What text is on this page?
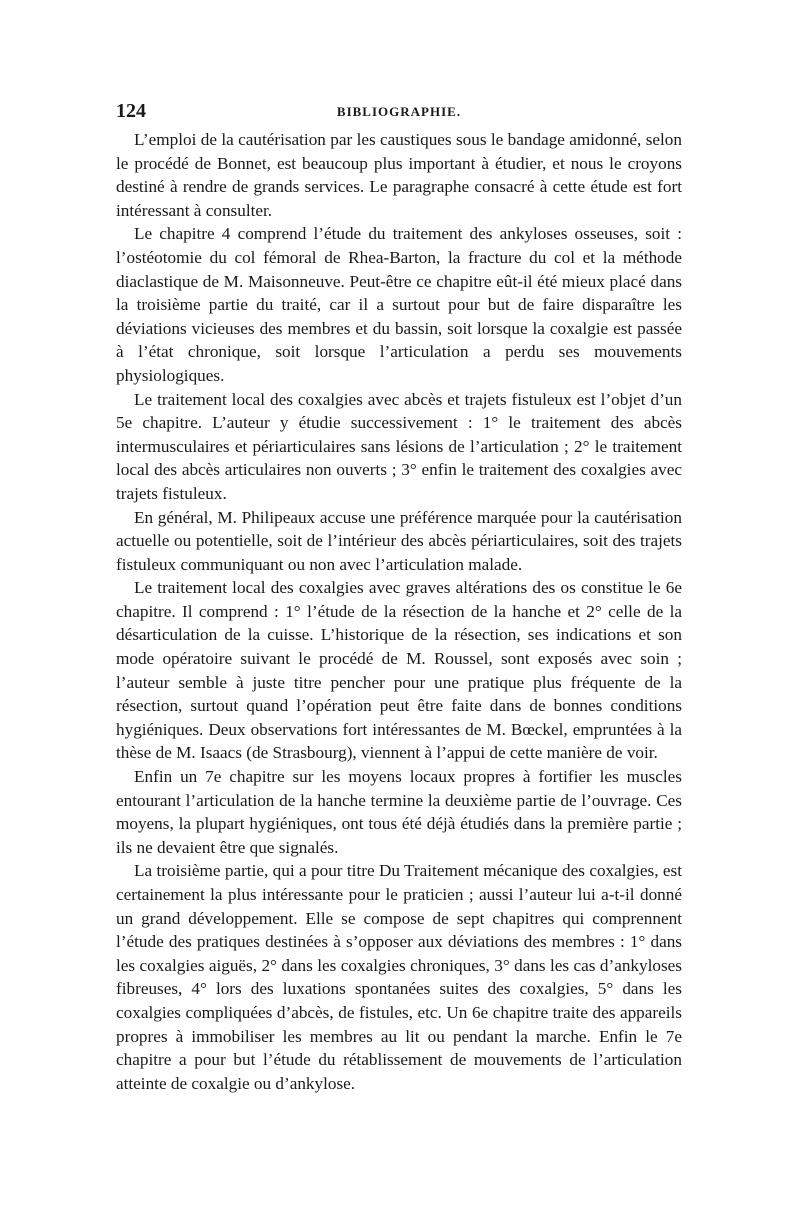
124	BIBLIOGRAPHIE.

L’emploi de la cautérisation par les caustiques sous le bandage amidonné, selon le procédé de Bonnet, est beaucoup plus important à étudier, et nous le croyons destiné à rendre de grands services. Le paragraphe consacré à cette étude est fort intéressant à consulter.

Le chapitre 4 comprend l’étude du traitement des ankyloses osseuses, soit : l’ostéotomie du col fémoral de Rhea-Barton, la fracture du col et la méthode diaclastique de M. Maisonneuve. Peut-être ce chapitre eût-il été mieux placé dans la troisième partie du traité, car il a surtout pour but de faire disparaître les déviations vicieuses des membres et du bassin, soit lorsque la coxalgie est passée à l’état chronique, soit lorsque l’articulation a perdu ses mouvements physiologiques.

Le traitement local des coxalgies avec abcès et trajets fistuleux est l’objet d’un 5e chapitre. L’auteur y étudie successivement : 1° le traitement des abcès intermusculaires et périarticulaires sans lésions de l’articulation ; 2° le traitement local des abcès articulaires non ouverts ; 3° enfin le traitement des coxalgies avec trajets fistuleux.

En général, M. Philipeaux accuse une préférence marquée pour la cautérisation actuelle ou potentielle, soit de l’intérieur des abcès périarticulaires, soit des trajets fistuleux communiquant ou non avec l’articulation malade.

Le traitement local des coxalgies avec graves altérations des os constitue le 6e chapitre. Il comprend : 1° l’étude de la résection de la hanche et 2° celle de la désarticulation de la cuisse. L’historique de la résection, ses indications et son mode opératoire suivant le procédé de M. Roussel, sont exposés avec soin ; l’auteur semble à juste titre pencher pour une pratique plus fréquente de la résection, surtout quand l’opération peut être faite dans de bonnes conditions hygiéniques. Deux observations fort intéressantes de M. Bœckel, empruntées à la thèse de M. Isaacs (de Strasbourg), viennent à l’appui de cette manière de voir.

Enfin un 7e chapitre sur les moyens locaux propres à fortifier les muscles entourant l’articulation de la hanche termine la deuxième partie de l’ouvrage. Ces moyens, la plupart hygiéniques, ont tous été déjà étudiés dans la première partie ; ils ne devaient être que signalés.

La troisième partie, qui a pour titre Du Traitement mécanique des coxalgies, est certainement la plus intéressante pour le praticien ; aussi l’auteur lui a-t-il donné un grand développement. Elle se compose de sept chapitres qui comprennent l’étude des pratiques destinées à s’opposer aux déviations des membres : 1° dans les coxalgies aiguës, 2° dans les coxalgies chroniques, 3° dans les cas d’ankyloses fibreuses, 4° lors des luxations spontanées suites des coxalgies, 5° dans les coxalgies compliquées d’abcès, de fistules, etc. Un 6e chapitre traite des appareils propres à immobiliser les membres au lit ou pendant la marche. Enfin le 7e chapitre a pour but l’étude du rétablissement de mouvements de l’articulation atteinte de coxalgie ou d’ankylose.
